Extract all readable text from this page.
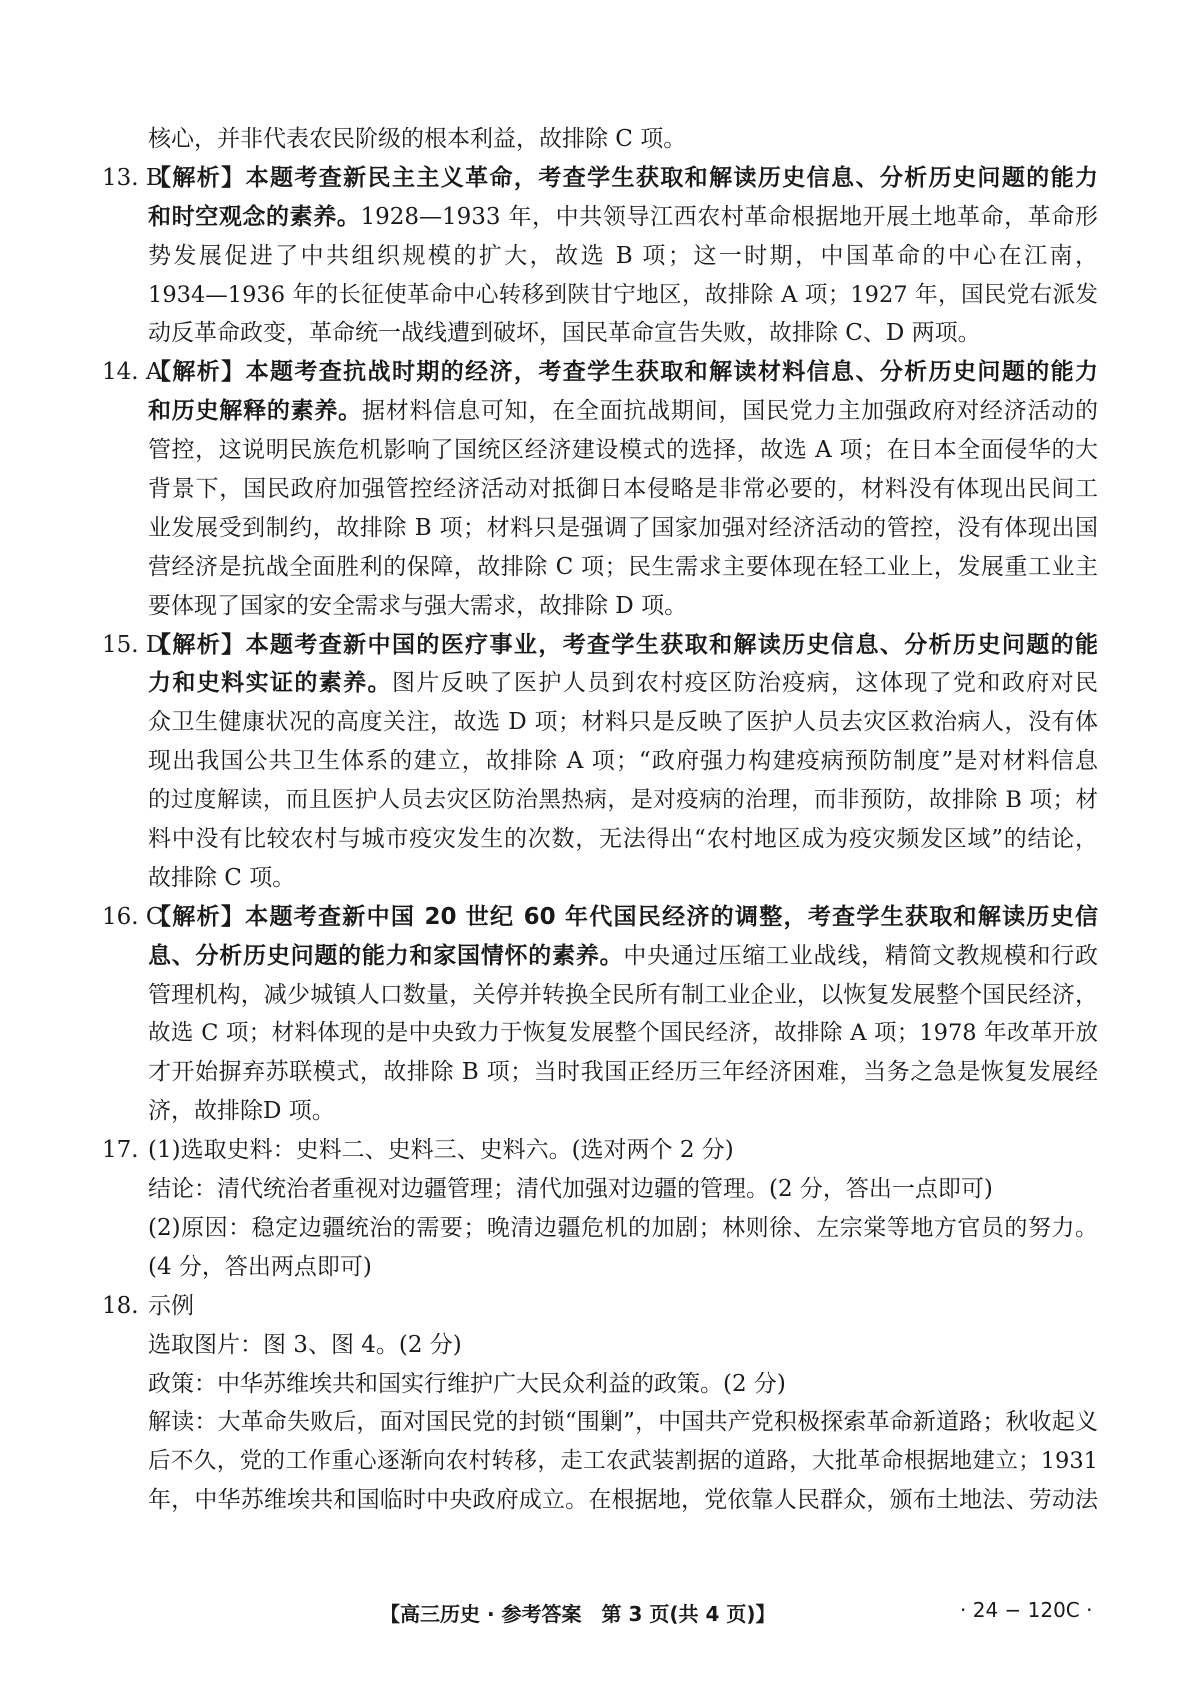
核心，并非代表农民阶级的根本利益，故排除 C 项。
13. B
【解析】本题考查新民主主义革命，考查学生获取和解读历史信息、分析历史问题的能力
和时空观念的素养。1928—1933 年，中共领导江西农村革命根据地开展土地革命，革命形
势发展促进了中共组织规模的扩大，故选 B 项；这一时期，中国革命的中心在江南，
1934—1936 年的长征使革命中心转移到陕甘宁地区，故排除 A 项；1927 年，国民党右派发
动反革命政变，革命统一战线遭到破坏，国民革命宣告失败，故排除 C、D 两项。
14. A
【解析】本题考查抗战时期的经济，考查学生获取和解读材料信息、分析历史问题的能力
和历史解释的素养。据材料信息可知，在全面抗战期间，国民党力主加强政府对经济活动的
管控，这说明民族危机影响了国统区经济建设模式的选择，故选 A 项；在日本全面侵华的大
背景下，国民政府加强管控经济活动对抵御日本侵略是非常必要的，材料没有体现出民间工
业发展受到制约，故排除 B 项；材料只是强调了国家加强对经济活动的管控，没有体现出国
营经济是抗战全面胜利的保障，故排除 C 项；民生需求主要体现在轻工业上，发展重工业主
要体现了国家的安全需求与强大需求，故排除 D 项。
15. D
【解析】本题考查新中国的医疗事业，考查学生获取和解读历史信息、分析历史问题的能
力和史料实证的素养。图片反映了医护人员到农村疫区防治疫病，这体现了党和政府对民
众卫生健康状况的高度关注，故选 D 项；材料只是反映了医护人员去灾区救治病人，没有体
现出我国公共卫生体系的建立，故排除 A 项；“政府强力构建疫病预防制度”是对材料信息
的过度解读，而且医护人员去灾区防治黑热病，是对疫病的治理，而非预防，故排除 B 项；材
料中没有比较农村与城市疫灾发生的次数，无法得出“农村地区成为疫灾频发区域”的结论，
故排除 C 项。
16. C
【解析】本题考查新中国 20 世纪 60 年代国民经济的调整，考查学生获取和解读历史信
息、分析历史问题的能力和家国情怀的素养。中央通过压缩工业战线，精简文教规模和行政
管理机构，减少城镇人口数量，关停并转换全民所有制工业企业，以恢复发展整个国民经济，
故选 C 项；材料体现的是中央致力于恢复发展整个国民经济，故排除 A 项；1978 年改革开放
才开始摒弃苏联模式，故排除 B 项；当时我国正经历三年经济困难，当务之急是恢复发展经
济，故排除D 项。
17. (1)选取史料：史料二、史料三、史料六。(选对两个 2 分)
结论：清代统治者重视对边疆管理；清代加强对边疆的管理。(2 分，答出一点即可)
(2)原因：稳定边疆统治的需要；晚清边疆危机的加剧；林则徐、左宗棠等地方官员的努力。
(4 分，答出两点即可)
18. 示例
选取图片：图 3、图 4。(2 分)
政策：中华苏维埃共和国实行维护广大民众利益的政策。(2 分)
解读：大革命失败后，面对国民党的封锁“围剿”，中国共产党积极探索革命新道路；秋收起义
后不久，党的工作重心逐渐向农村转移，走工农武装割据的道路，大批革命根据地建立；1931
年，中华苏维埃共和国临时中央政府成立。在根据地，党依靠人民群众，颁布土地法、劳动法
【高三历史 · 参考答案　第 3 页(共 4 页)】	· 24 − 120C ·
